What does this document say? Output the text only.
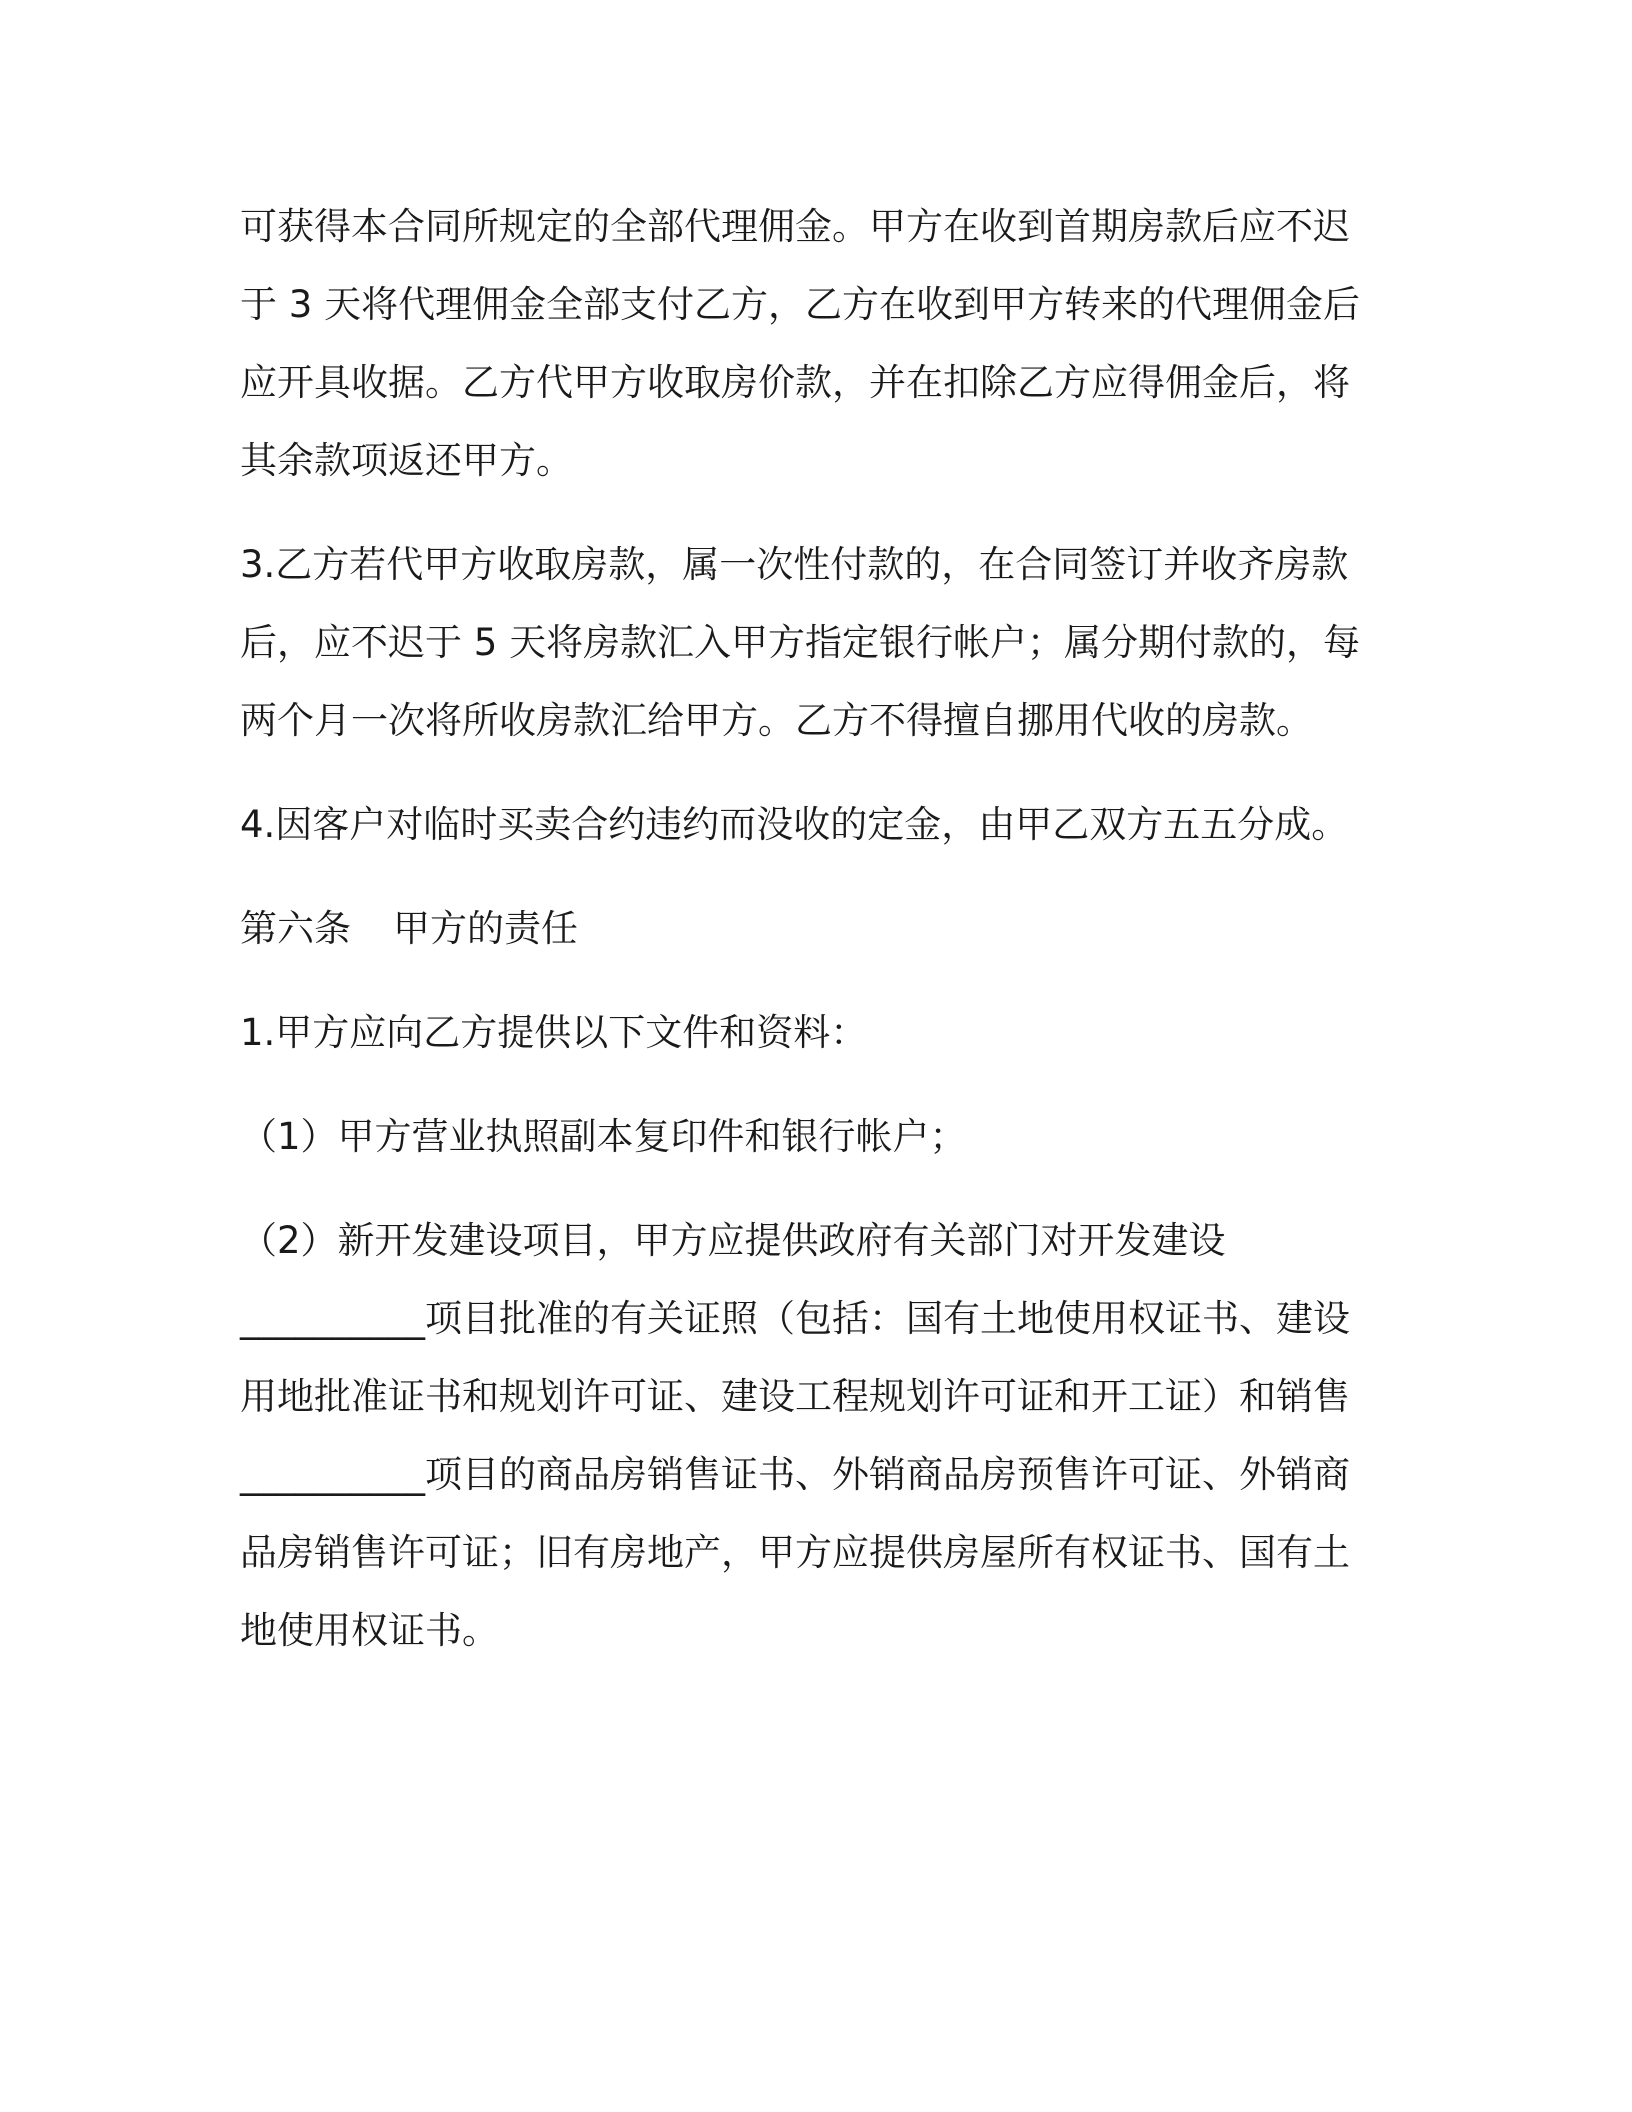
可获得本合同所规定的全部代理佣金。甲方在收到首期房款后应不迟
于 3 天将代理佣金全部支付乙方，乙方在收到甲方转来的代理佣金后
应开具收据。乙方代甲方收取房价款，并在扣除乙方应得佣金后，将
其余款项返还甲方。
3.乙方若代甲方收取房款，属一次性付款的，在合同签订并收齐房款
后，应不迟于 5 天将房款汇入甲方指定银行帐户；属分期付款的，每
两个月一次将所收房款汇给甲方。乙方不得擅自挪用代收的房款。
4.因客户对临时买卖合约违约而没收的定金，由甲乙双方五五分成。
第六条 甲方的责任
1.甲方应向乙方提供以下文件和资料：
（1）甲方营业执照副本复印件和银行帐户；
（2）新开发建设项目，甲方应提供政府有关部门对开发建设
__________项目批准的有关证照（包括：国有土地使用权证书、建设
用地批准证书和规划许可证、建设工程规划许可证和开工证）和销售
__________项目的商品房销售证书、外销商品房预售许可证、外销商
品房销售许可证；旧有房地产，甲方应提供房屋所有权证书、国有土
地使用权证书。
